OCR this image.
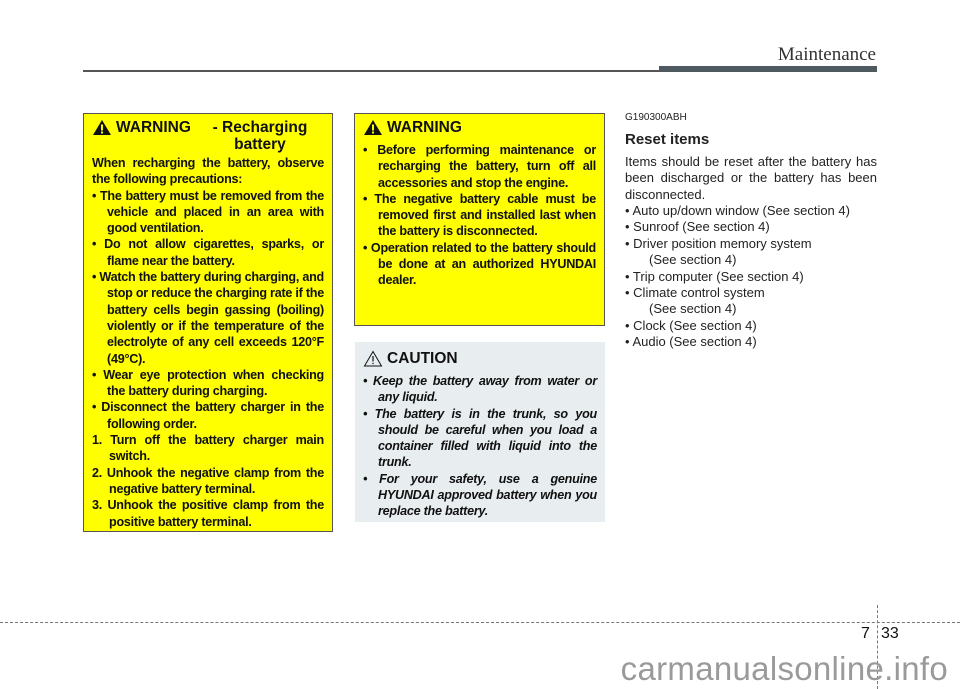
Maintenance
WARNING	- Recharging battery

When recharging the battery, observe the following precautions:

• The battery must be removed from the vehicle and placed in an area with good ventilation.
• Do not allow cigarettes, sparks, or flame near the battery.
• Watch the battery during charging, and stop or reduce the charging rate if the battery cells begin gassing (boiling) violently or if the temperature of the electrolyte of any cell exceeds 120°F (49°C).
• Wear eye protection when checking the battery during charging.
• Disconnect the battery charger in the following order.
1. Turn off the battery charger main switch.
2. Unhook the negative clamp from the negative battery terminal.
3. Unhook the positive clamp from the positive battery terminal.
WARNING
• Before performing maintenance or recharging the battery, turn off all accessories and stop the engine.
• The negative battery cable must be removed first and installed last when the battery is disconnected.
• Operation related to the battery should be done at an authorized HYUNDAI dealer.
CAUTION
• Keep the battery away from water or any liquid.
• The battery is in the trunk, so you should be careful when you load a container filled with liquid into the trunk.
• For your safety, use a genuine HYUNDAI approved battery when you replace the battery.
G190300ABH
Reset items

Items should be reset after the battery has been discharged or the battery has been disconnected.

• Auto up/down window (See section 4)
• Sunroof (See section 4)
• Driver position memory system
(See section 4)
• Trip computer (See section 4)
• Climate control system
(See section 4)
• Clock (See section 4)
• Audio (See section 4)
7 33
carmanualsonline.info
